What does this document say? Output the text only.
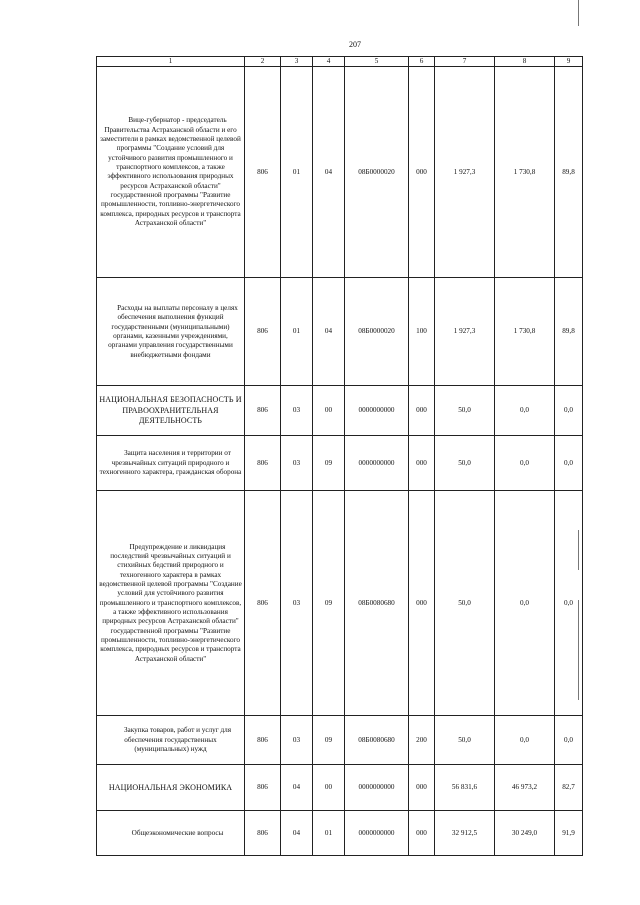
207
1	2	3	4	5	6	7	8	9
Вице-губернатор - председатель Правительства Астраханской области и его заместители в рамках ведомственной целевой программы "Создание условий для устойчивого развития промышленного и транспортного комплексов, а также эффективного использования природных ресурсов Астраханской области" государственной программы "Развитие промышленности, топливно-энергетического комплекса, природных ресурсов и транспорта Астраханской области"	806	01	04	08Б0000020	000	1 927,3	1 730,8	89,8
Расходы на выплаты персоналу в целях обеспечения выполнения функций государственными (муниципальными) органами, казенными учреждениями, органами управления государственными внебюджетными фондами	806	01	04	08Б0000020	100	1 927,3	1 730,8	89,8
НАЦИОНАЛЬНАЯ БЕЗОПАСНОСТЬ И ПРАВООХРАНИТЕЛЬНАЯ ДЕЯТЕЛЬНОСТЬ	806	03	00	0000000000	000	50,0	0,0	0,0
Защита населения и территории от чрезвычайных ситуаций природного и техногенного характера, гражданская оборона	806	03	09	0000000000	000	50,0	0,0	0,0
Предупреждение и ликвидация последствий чрезвычайных ситуаций и стихийных бедствий природного и техногенного характера в рамках ведомственной целевой программы "Создание условий для устойчивого развития промышленного и транспортного комплексов, а также эффективного использования природных ресурсов Астраханской области" государственной программы "Развитие промышленности, топливно-энергетического комплекса, природных ресурсов и транспорта Астраханской области"	806	03	09	08Б0080680	000	50,0	0,0	0,0
Закупка товаров, работ и услуг для обеспечения государственных (муниципальных) нужд	806	03	09	08Б0080680	200	50,0	0,0	0,0
НАЦИОНАЛЬНАЯ ЭКОНОМИКА	806	04	00	0000000000	000	56 831,6	46 973,2	82,7
Общеэкономические вопросы	806	04	01	0000000000	000	32 912,5	30 249,0	91,9
